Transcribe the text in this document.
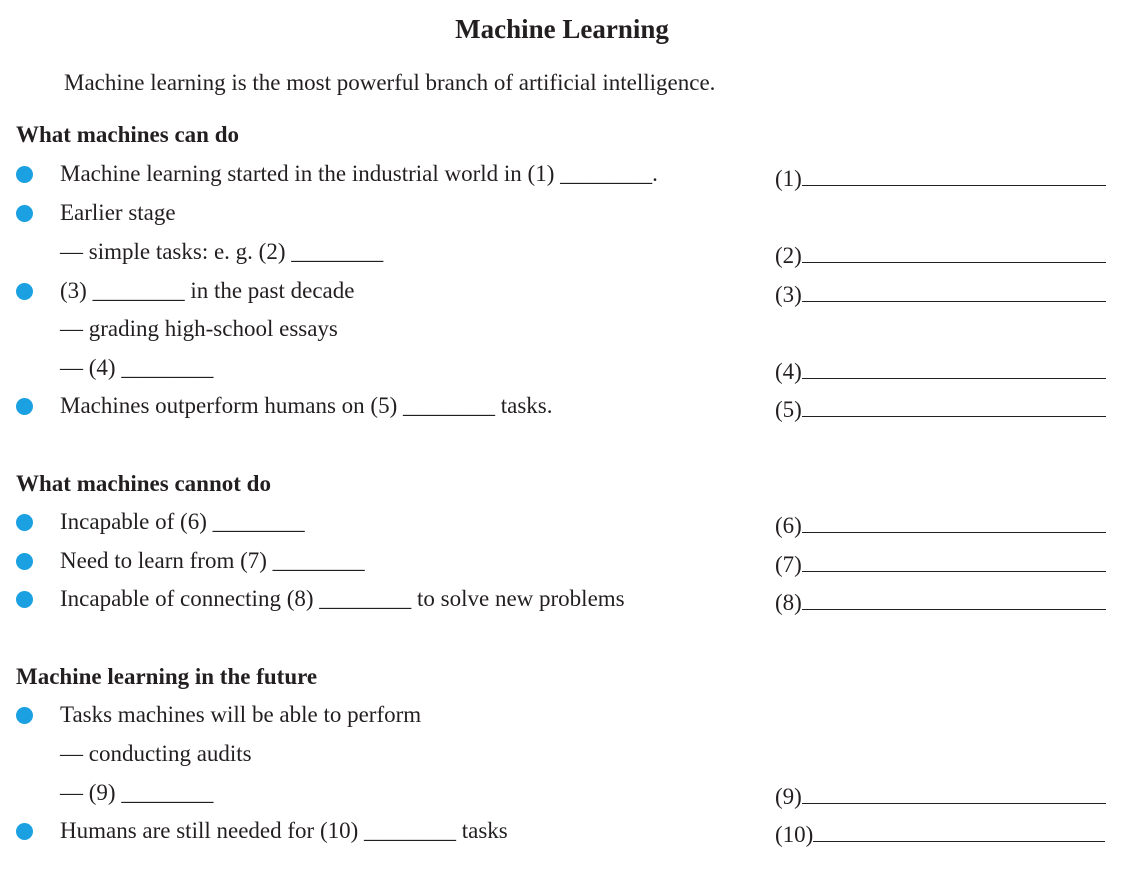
Machine Learning
Machine learning is the most powerful branch of artificial intelligence.
What machines can do
Machine learning started in the industrial world in (1) ________.
Earlier stage
— simple tasks: e. g. (2) ________
(3) ________ in the past decade
— grading high-school essays
— (4) ________
Machines outperform humans on (5) ________ tasks.
What machines cannot do
Incapable of (6) ________
Need to learn from (7) ________
Incapable of connecting (8) ________ to solve new problems
Machine learning in the future
Tasks machines will be able to perform
— conducting audits
— (9) ________
Humans are still needed for (10) ________ tasks
(1)
(2)
(3)
(4)
(5)
(6)
(7)
(8)
(9)
(10)
